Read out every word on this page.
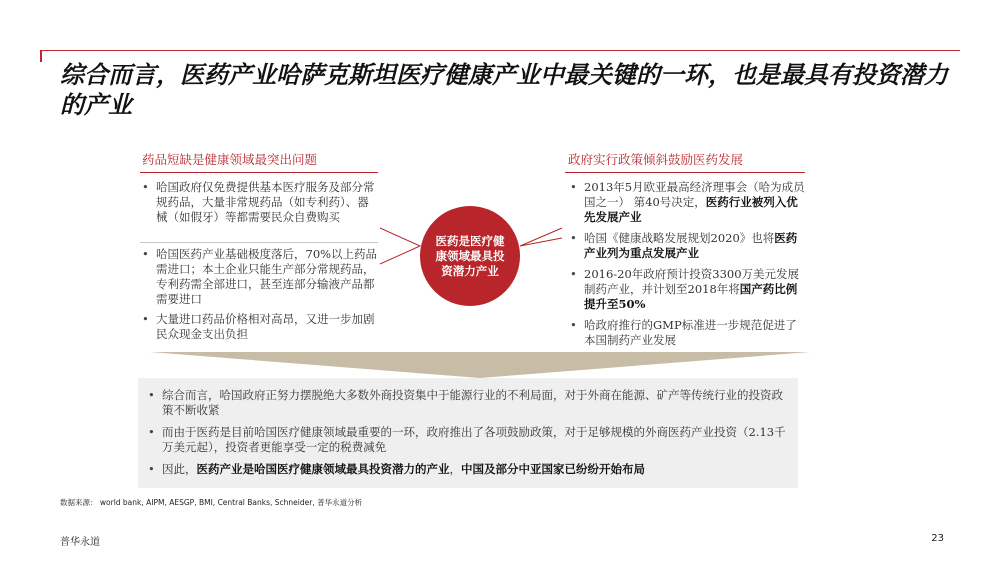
综合而言，医药产业哈萨克斯坦医疗健康产业中最关键的一环，也是最具有投资潜力的产业
药品短缺是健康领域最突出问题
• 哈国政府仅免费提供基本医疗服务及部分常规药品，大量非常规药品（如专利药）、器械（如假牙）等都需要民众自费购买
• 哈国医药产业基础极度落后，70%以上药品需进口；本土企业只能生产部分常规药品，专利药需全部进口，甚至连部分输液产品都需要进口
• 大量进口药品价格相对高昂，又进一步加剧民众现金支出负担
医药是医疗健康领域最具投资潜力产业
政府实行政策倾斜鼓励医药发展
• 2013年5月欧亚最高经济理事会（哈为成员国之一） 第40号决定，医药行业被列入优先发展产业
• 哈国《健康战略发展规划2020》也将医药产业列为重点发展产业
• 2016-20年政府预计投资3300万美元发展制药产业，并计划至2018年将国产药比例提升至50%
• 哈政府推行的GMP标准进一步规范促进了本国制药产业发展
• 综合而言，哈国政府正努力摆脱绝大多数外商投资集中于能源行业的不利局面，对于外商在能源、矿产等传统行业的投资政策不断收紧
• 而由于医药是目前哈国医疗健康领域最重要的一环，政府推出了各项鼓励政策，对于足够规模的外商医药产业投资（2.13千万美元起），投资者更能享受一定的税费减免
• 因此，医药产业是哈国医疗健康领域最具投资潜力的产业，中国及部分中亚国家已纷纷开始布局
数据来源： world bank, AIPM, AESGP, BMI, Central Banks, Schneider, 普华永道分析
普华永道	23
